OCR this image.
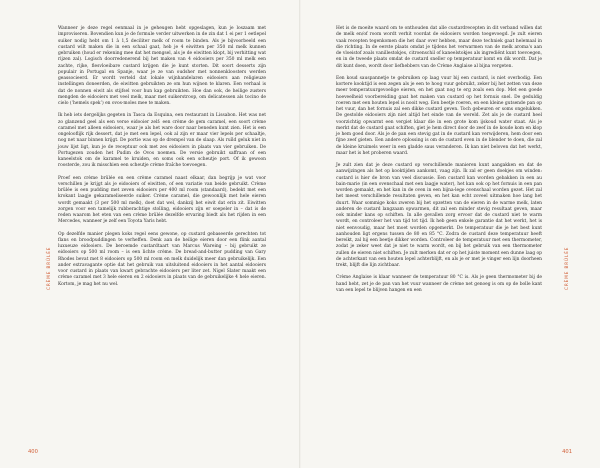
Wanneer je deze regel eenmaal in je geheugen hebt opgeslagen, kun je loszaam met improviseren. Bovendien kun je de formule verder uitwerken in de zin dat 1 ei per 1 eetlepel suiker nodig hebt om 1 à 1,5 deciliter melk of room te binden. Als je bijvoorbeeld een custard wilt maken die in een schaal gaat, heb je 4 eiwitten per 350 ml melk kunnen gebruiken (houd er rekening mee dat het mengsel, als je de eiwitten klopt, bij verhitting wat rijzen zal). Logisch doorredenerend bij het maken van 4 eidooiers per 350 ml melk een zachte, rijke, flesvloeibare custard krijgen die je kunt storten. Dit soort desserts zijn populair in Portugal en Spanje, waar je ze van oudsher met nonnenkloosters werden geassocieerd. Er wordt verteld dat lokale wijnhandelaren eidooiers aan religieuze instellingen doneerden, de eiwitten gebruikten ze om hun wijnen te klaren. Een verhaal is dat de nonnen eiwit als stijfsel voor hun kap gebruikten. Hoe dan ook, de heilige zusters mengden de eidooiers met veel melk, maar met suikerstroop, om delicatessen als tocino de cielo (‘hemels spek’) en ovos-moles mee te maken.

Ik heb iets dergelijks gegeten in Tasca da Esquina, een restaurant in Lissabon. Het was net zo glanzend geel als een verse eidooier zelf: een crème de gem caramel, een soort crème caramel met alleen eidooiers, waar je als het ware door naar beneden kunt zien. Het is een ongelooflijk rijk dessert, dat je met een lepel, ook al zijn er maar vier lepels per schaaltje, nog net naar binnen krijgt. De portie was op de drempel van de slaap. Als ruïld geluk niet in jouw lijst ligt, kun je de receptuur ook met zes eidooiers in plaats van vier gebruiken. De Portugezen zouden het Pudim de Ovos noemen. De versie gebruikt saffraan of een kaneelstok om de karamel te kruiden, en soms ook een scheutje port. Of ik gewoon roosterde, zou ik misschien een scheutje crème fraîche toevoegen.

Proef een crème brûlée en een crème caramel naast elkaar, dan begrijp je wat voor verschillen je krijgt als je eidooiers of eiwitten, of een variatie van beide gebruikt. Crème brûlée is een pudding met zeven eidooiers per 400 ml room (standaard), bedekt met een krokant laagje gekarameliseerde suiker. Crème caramel, die gewoonlijk met hele eieren wordt gemaakt (3 per 500 ml melk), doet dat wel, dankzij het eiwit dat erin zit. Eiwitten zorgen voor een tamelijk rubberachtige stolling, eidooiers zijn er soepeler in – dat is de reden waarom het eten van een crème brûlée dezelfde ervaring biedt als het rijden in een Mercedes, wanneer je zelf een Toyota Yaris hebt.

Op dezelfde manier plegen koks regel eens gewone, op custard gebaseerde gerechten tot flans en broodpuddingen te verheffen. Denk aan de heilige eieren door een flink aantal luxueuze eidooiers. De beroemde custardtaart van Marcus Wareing – bij gebruikt ze eidooiers op 500 ml room – is een lichte crème. De bread-and-butter pudding van Gary Rhodes bevat met 8 eidooiers op 500 ml room en melk duidelijk meer dan gebruikelijk. Een ander extravagante optie dat het gebruik van uitsluitend eidooiers in het aantal eidooiers voor custard in plaats van kwart gebrachte eidooiers per liter zet. Nigel Slater maakt een crème caramel met 3 hele eieren en 2 eidooiers in plaats van de gebruikelijke 4 hele eieren. Kortom, je mag het nu wel.

CRÈME BRÛLÉE
400

Het is de moeite waard om te onthouden dat alle custardrecepten in dit verband willen dat de melk en/of room wordt verhit voordat de eidooiers worden toegevoegd. Je zult eieren vaak recepten tegenkomen die het daar over hebben, maar deze techniek gaat helemaal in die richting. In de eerste plaats omdat je tijdens het verwarmen van de melk aroma's aan de vloeistof zoals vanillestokjes, citroenschil of kaneelstokjes als ingrediënt kunt toevoegen, en in de tweede plaats omdat de custard sneller op temperatuur komt en dik wordt. Dat je dit kunt doen, wordt door liefhebbers van de Crème Anglaise al bijna vergeten.

Een koud sauspannetje te gebruiken op laag vuur bij een custard, is niet overbodig. Een kortere kooktijd is een zegen als je een te hoog vuur gebruikt, zeker bij het zetten van deze meer temperatuurgevoelige eieren, en het gaat nog te erg zoals een dop. Met een goede hoeveelheid voorbereiding gaat het maken van custard op het fornuis snel. De geduldig roeren met een houten lepel is nooit weg. Een beetje roeren, en een kleine gutsende pan op het vuur, dan het fornuis zal een dikke custard geven. Toch gebeuren er soms ongelukken. De gestolde eidooiers zijn niet altijd het einde van de wereld. Zet als je de custard heel voorzichtig opwarmt een vergiet klaar die in een grote kom ijskoud water staat. Als je merkt dat de custard gaat schiften, giet je hem direct door de zeef in de koude kom en klop je hem goed door. Als je de pan een stevig gat in de custard kan verwijderen, hem door een fijne zeef gieten. Een andere oplossing is om de custard even in de blender te doen, die zal de kleine kruimels weer in een gladde saus veranderen. Ik kan niet beloven dat het werkt, maar het is het proberen waard.

Je zult zien dat je deze custard op verschillende manieren kunt aangakken en dat de aanwijzingen als het op kooktijden aankomt, vaag zijn. Ik zal er geen doekjes om winden: custard is hier de bron van veel discussie. Een custard kan worden gebakken in een au bain-marie (in een ovenschaal met een laagje water), het kan ook op het fornuis in een pan worden gemaakt, en het kan in de oven in een bijna-lege ovenschaal worden gezet. Het zal het meest verschillende resultaten geven, en het kan echt zoveel uitmaken hoe lang het duurt. Waar sommige koks zweren bij het opzetten van de eieren in de warme melk, laten anderen de custard langzaam opwarmen, dit zal een minder stevig resultaat geven, maar ook minder kans op schiften. In alle gevallen zorg ervoor dat de custard niet te warm wordt, en controleer het van tijd tot tijd. Ik heb geen enkele garantie dat het werkt, het is niet eenvoudig, maar het moet worden opgemerkt. De temperatuur die je het best kunt aanhouden ligt ergens tussen de 80 en 85 °C. Zodra de custard deze temperatuur heeft bereikt, zal hij een beetje dikker worden. Controleer de temperatuur met een thermometer, zodat je zeker weet dat je niet te warm wordt, en bij het gebruik van een thermometer zullen de eieren niet schiften. Je zult merken dat er op het juiste moment een dunne laag op de achterkant van een houten lepel achterblijft, en als je er met je vinger een lijn doorheen trekt, blijft die lijn zichtbaar.

Crème Anglaise is klaar wanneer de temperatuur 80 °C is. Als je geen thermometer bij de hand hebt, zet je de pan van het vuur wanneer de crème net genoeg is om op de bolle kant van een lepel te blijven hangen en een

CRÈME BRÛLÉE
401
